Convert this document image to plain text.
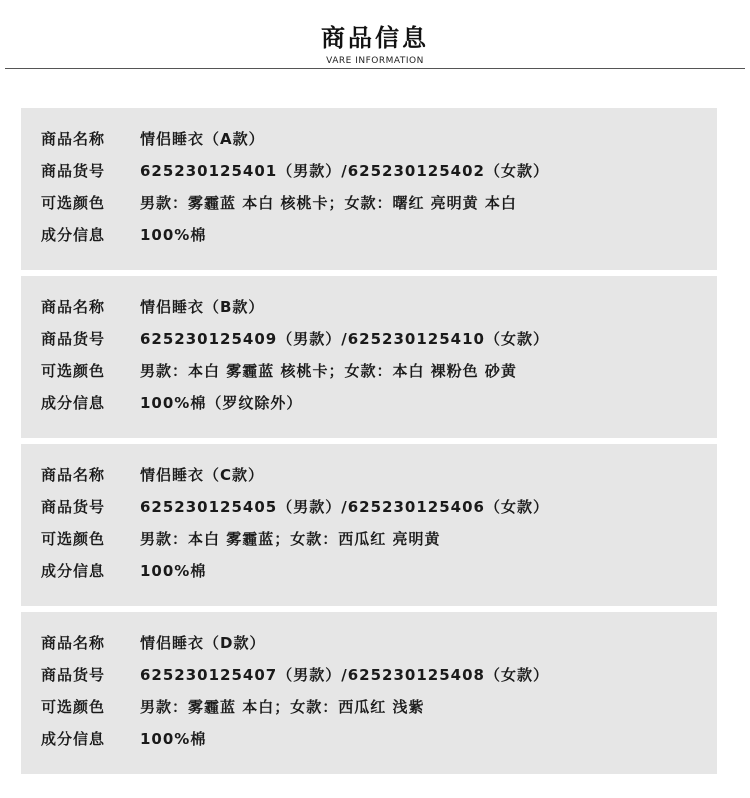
商品信息
VARE INFORMATION
商品名称	情侣睡衣（A款）
商品货号	625230125401（男款）/625230125402（女款）
可选颜色	男款：雾霾蓝 本白 核桃卡；女款：曙红 亮明黄 本白
成分信息	100%棉
商品名称	情侣睡衣（B款）
商品货号	625230125409（男款）/625230125410（女款）
可选颜色	男款：本白 雾霾蓝 核桃卡；女款：本白 裸粉色 砂黄
成分信息	100%棉（罗纹除外）
商品名称	情侣睡衣（C款）
商品货号	625230125405（男款）/625230125406（女款）
可选颜色	男款：本白 雾霾蓝；女款：西瓜红 亮明黄
成分信息	100%棉
商品名称	情侣睡衣（D款）
商品货号	625230125407（男款）/625230125408（女款）
可选颜色	男款：雾霾蓝 本白；女款：西瓜红 浅紫
成分信息	100%棉
